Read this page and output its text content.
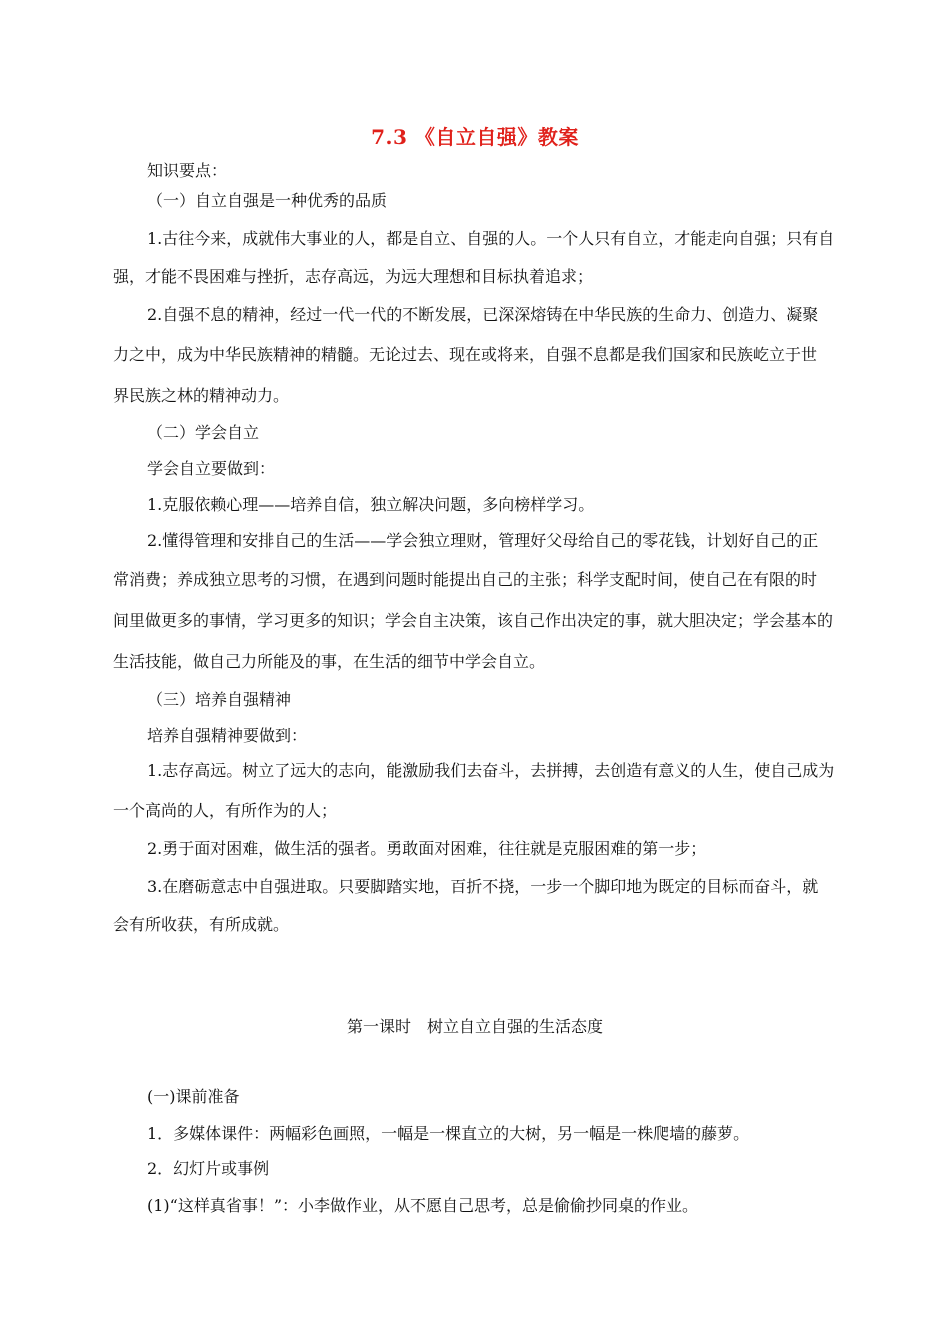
7.3 《自立自强》教案
知识要点：
（一）自立自强是一种优秀的品质
1.古往今来，成就伟大事业的人，都是自立、自强的人。一个人只有自立，才能走向自强；只有自
强，才能不畏困难与挫折，志存高远，为远大理想和目标执着追求；
2.自强不息的精神，经过一代一代的不断发展，已深深熔铸在中华民族的生命力、创造力、凝聚
力之中，成为中华民族精神的精髓。无论过去、现在或将来，自强不息都是我们国家和民族屹立于世
界民族之林的精神动力。
（二）学会自立
学会自立要做到：
1.克服依赖心理——培养自信，独立解决问题，多向榜样学习。
2.懂得管理和安排自己的生活——学会独立理财，管理好父母给自己的零花钱，计划好自己的正
常消费；养成独立思考的习惯，在遇到问题时能提出自己的主张；科学支配时间，使自己在有限的时
间里做更多的事情，学习更多的知识；学会自主决策，该自己作出决定的事，就大胆决定；学会基本的
生活技能，做自己力所能及的事，在生活的细节中学会自立。
（三）培养自强精神
培养自强精神要做到：
1.志存高远。树立了远大的志向，能激励我们去奋斗，去拼搏，去创造有意义的人生，使自己成为
一个高尚的人，有所作为的人；
2.勇于面对困难，做生活的强者。勇敢面对困难，往往就是克服困难的第一步；
3.在磨砺意志中自强进取。只要脚踏实地，百折不挠，一步一个脚印地为既定的目标而奋斗，就
会有所收获，有所成就。
第一课时　树立自立自强的生活态度
(一)课前准备
1．多媒体课件：两幅彩色画照，一幅是一棵直立的大树，另一幅是一株爬墙的藤萝。
2．幻灯片或事例
(1)“这样真省事！”：小李做作业，从不愿自己思考，总是偷偷抄同桌的作业。
